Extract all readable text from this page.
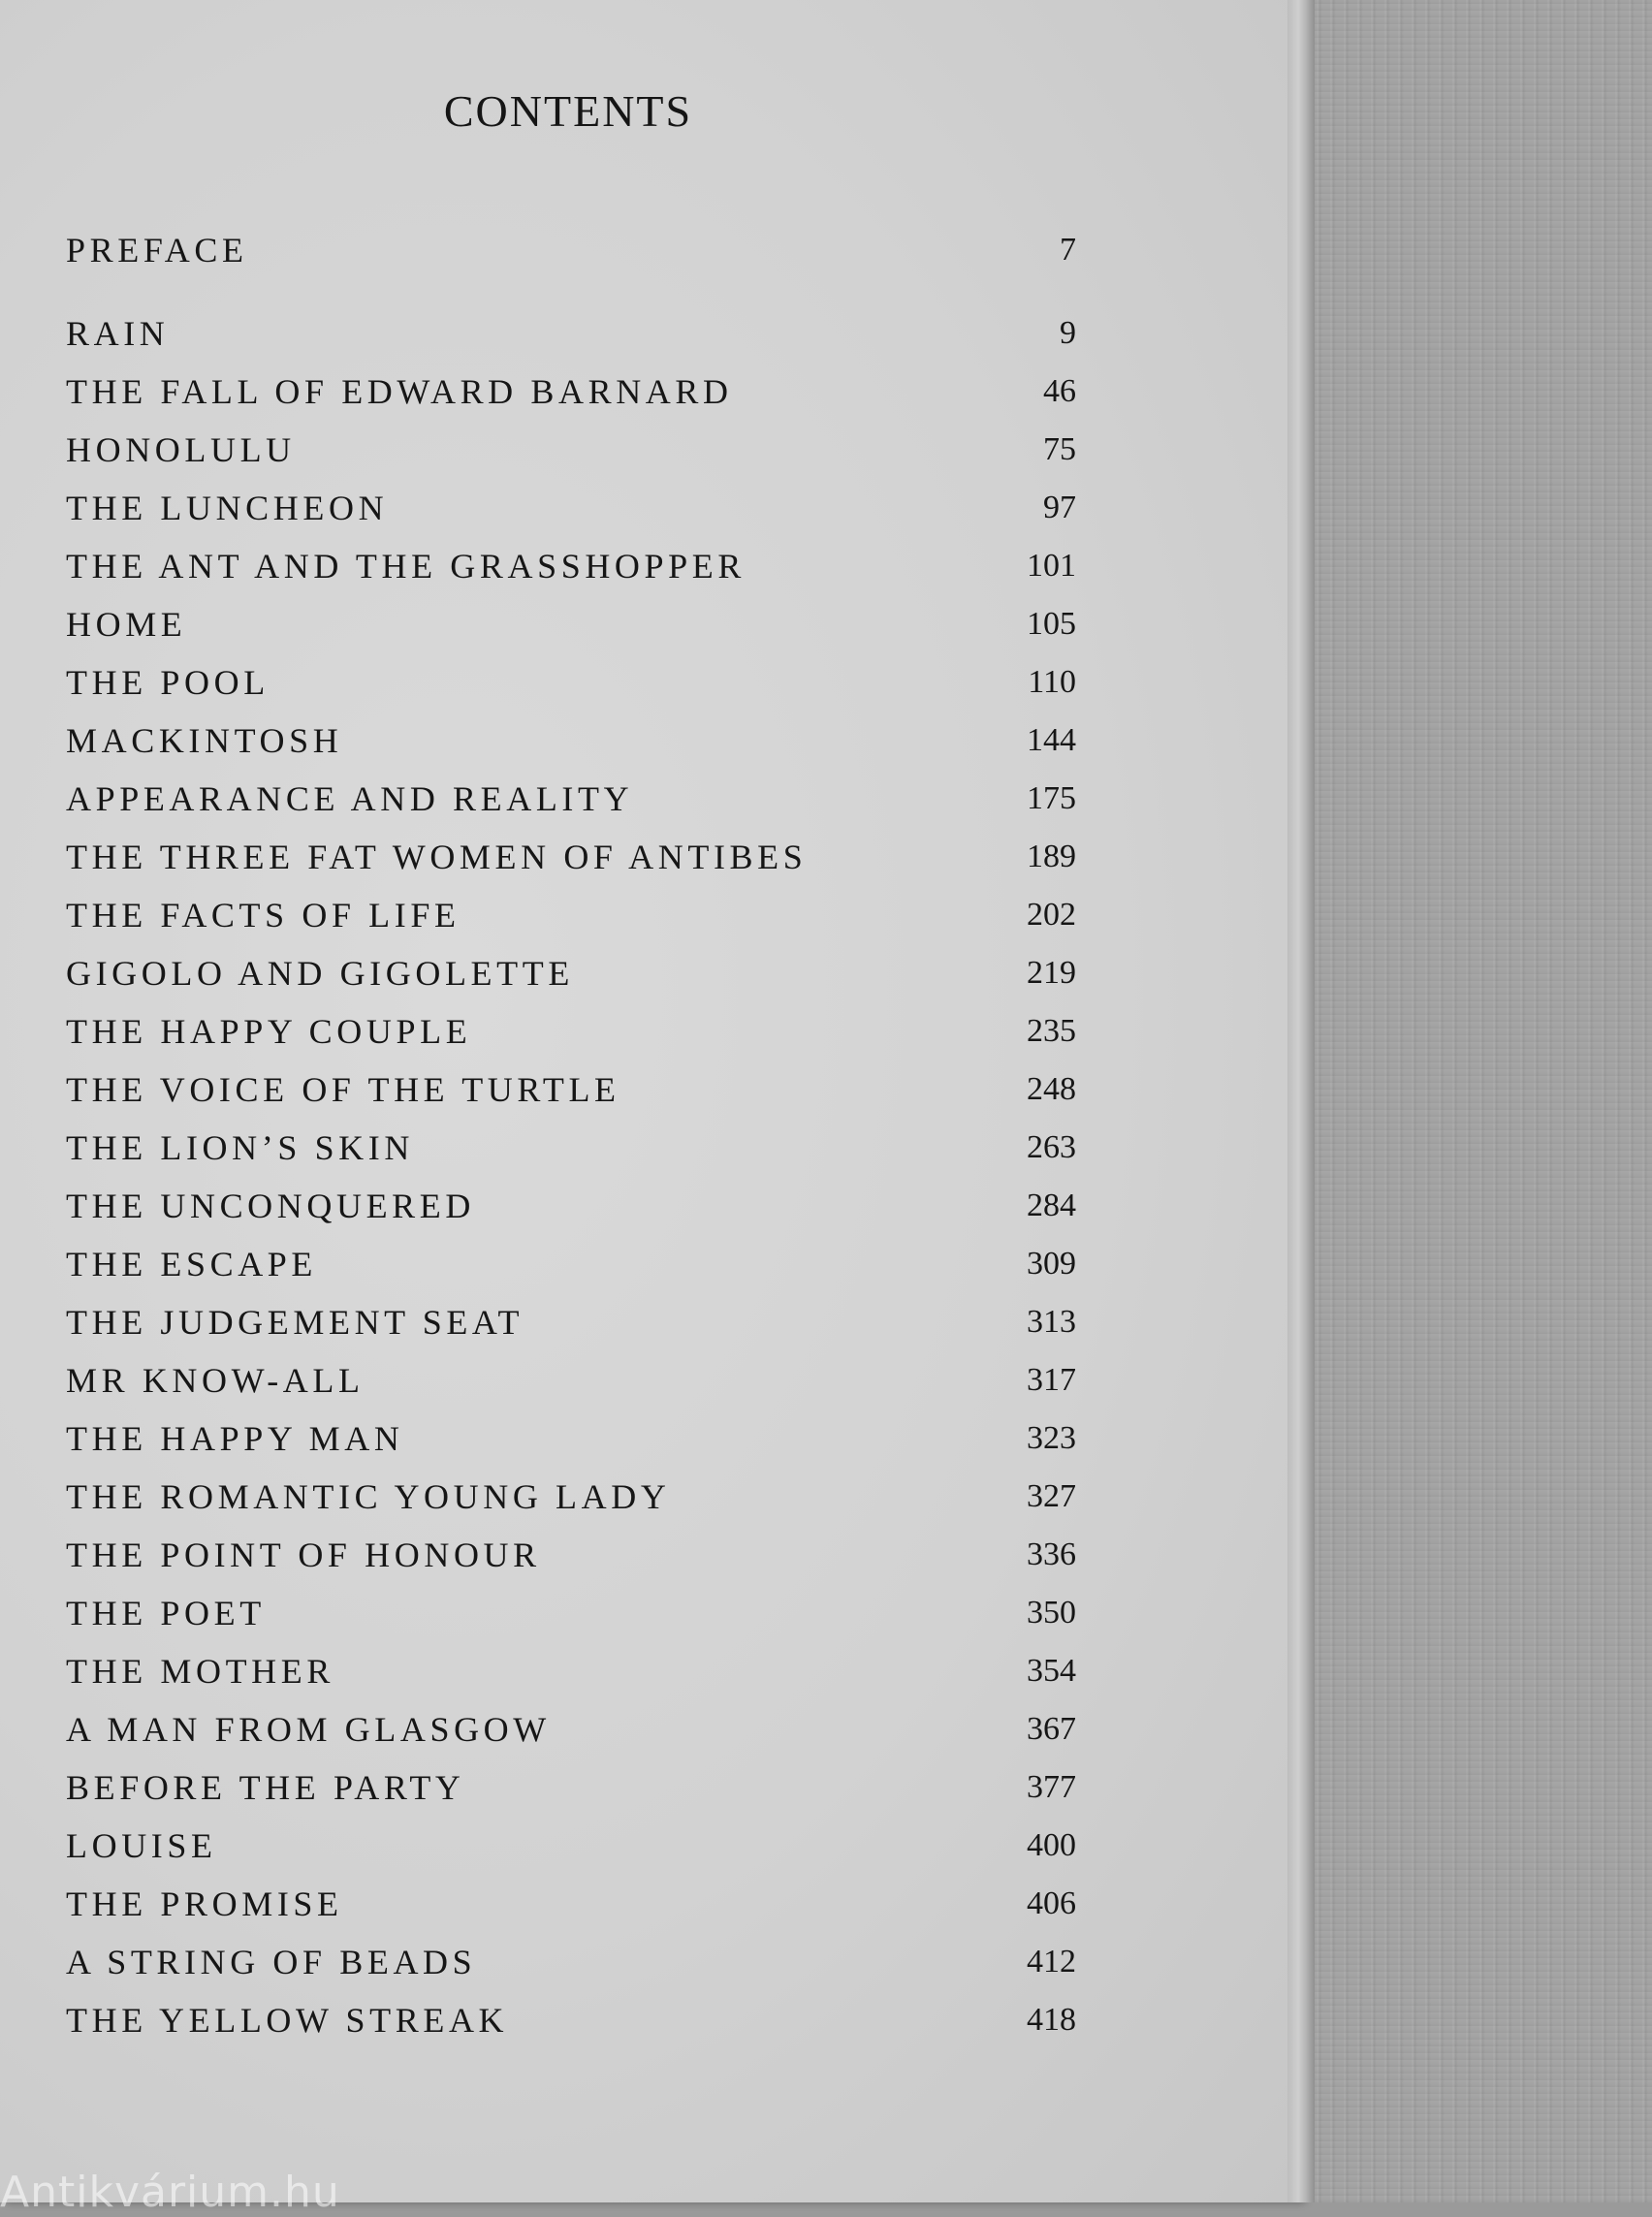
CONTENTS
PREFACE	7
RAIN	9
THE FALL OF EDWARD BARNARD	46
HONOLULU	75
THE LUNCHEON	97
THE ANT AND THE GRASSHOPPER	101
HOME	105
THE POOL	110
MACKINTOSH	144
APPEARANCE AND REALITY	175
THE THREE FAT WOMEN OF ANTIBES	189
THE FACTS OF LIFE	202
GIGOLO AND GIGOLETTE	219
THE HAPPY COUPLE	235
THE VOICE OF THE TURTLE	248
THE LION’S SKIN	263
THE UNCONQUERED	284
THE ESCAPE	309
THE JUDGEMENT SEAT	313
MR KNOW-ALL	317
THE HAPPY MAN	323
THE ROMANTIC YOUNG LADY	327
THE POINT OF HONOUR	336
THE POET	350
THE MOTHER	354
A MAN FROM GLASGOW	367
BEFORE THE PARTY	377
LOUISE	400
THE PROMISE	406
A STRING OF BEADS	412
THE YELLOW STREAK	418
Antikvárium.hu
